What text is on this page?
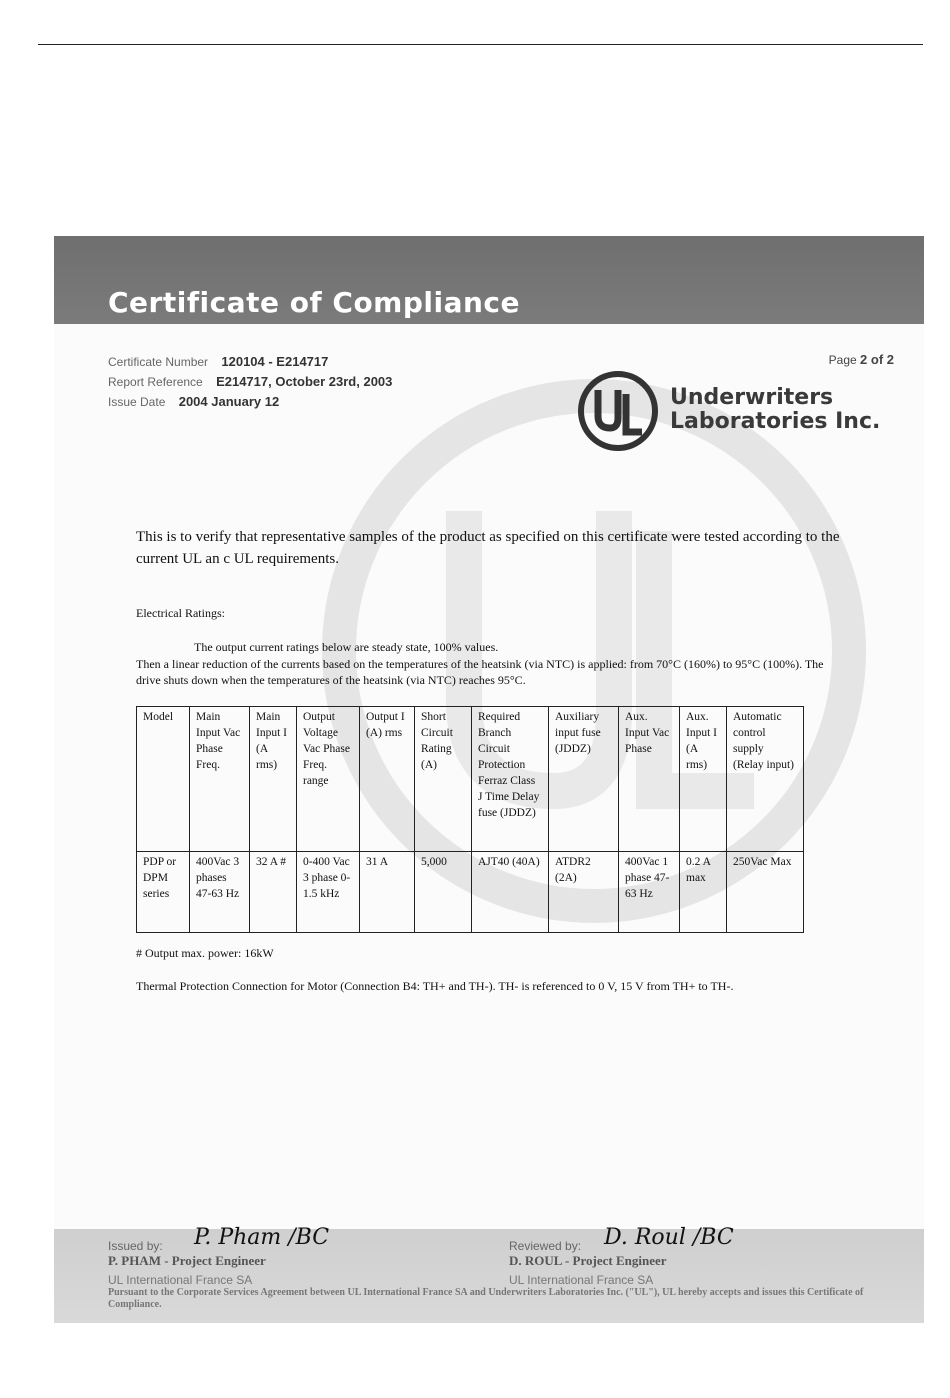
Certificate of Compliance
Certificate Number 120104 - E214717
Report Reference E214717, October 23rd, 2003
Issue Date 2004 January 12
Page 2 of 2
Underwriters
Laboratories Inc.
This is to verify that representative samples of the product as specified on this certificate were tested according to the current UL an c UL requirements.
Electrical Ratings:
The output current ratings below are steady state, 100% values.
Then a linear reduction of the currents based on the temperatures of the heatsink (via NTC) is applied: from 70°C (160%) to 95°C (100%). The drive shuts down when the temperatures of the heatsink (via NTC) reaches 95°C.
Model	Main Input Vac Phase Freq.	Main Input I (A rms)	Output Voltage Vac Phase Freq. range	Output I (A) rms	Short Circuit Rating (A)	Required Branch Circuit Protection Ferraz Class J Time Delay fuse (JDDZ)	Auxiliary input fuse (JDDZ)	Aux. Input Vac Phase	Aux. Input I (A rms)	Automatic control supply (Relay input)
PDP or DPM series	400Vac 3 phases 47-63 Hz	32 A #	0-400 Vac 3 phase 0-1.5 kHz	31 A	5,000	AJT40 (40A)	ATDR2 (2A)	400Vac 1 phase 47-63 Hz	0.2 A max	250Vac Max
# Output max. power: 16kW
Thermal Protection Connection for Motor (Connection B4: TH+ and TH-). TH- is referenced to 0 V, 15 V from TH+ to TH-.
Issued by: P. Pham /BC
P. PHAM - Project Engineer
UL International France SA
Reviewed by: D. Roul /BC
D. ROUL - Project Engineer
UL International France SA
Pursuant to the Corporate Services Agreement between UL International France SA and Underwriters Laboratories Inc. ("UL"), UL hereby accepts and issues this Certificate of Compliance.
